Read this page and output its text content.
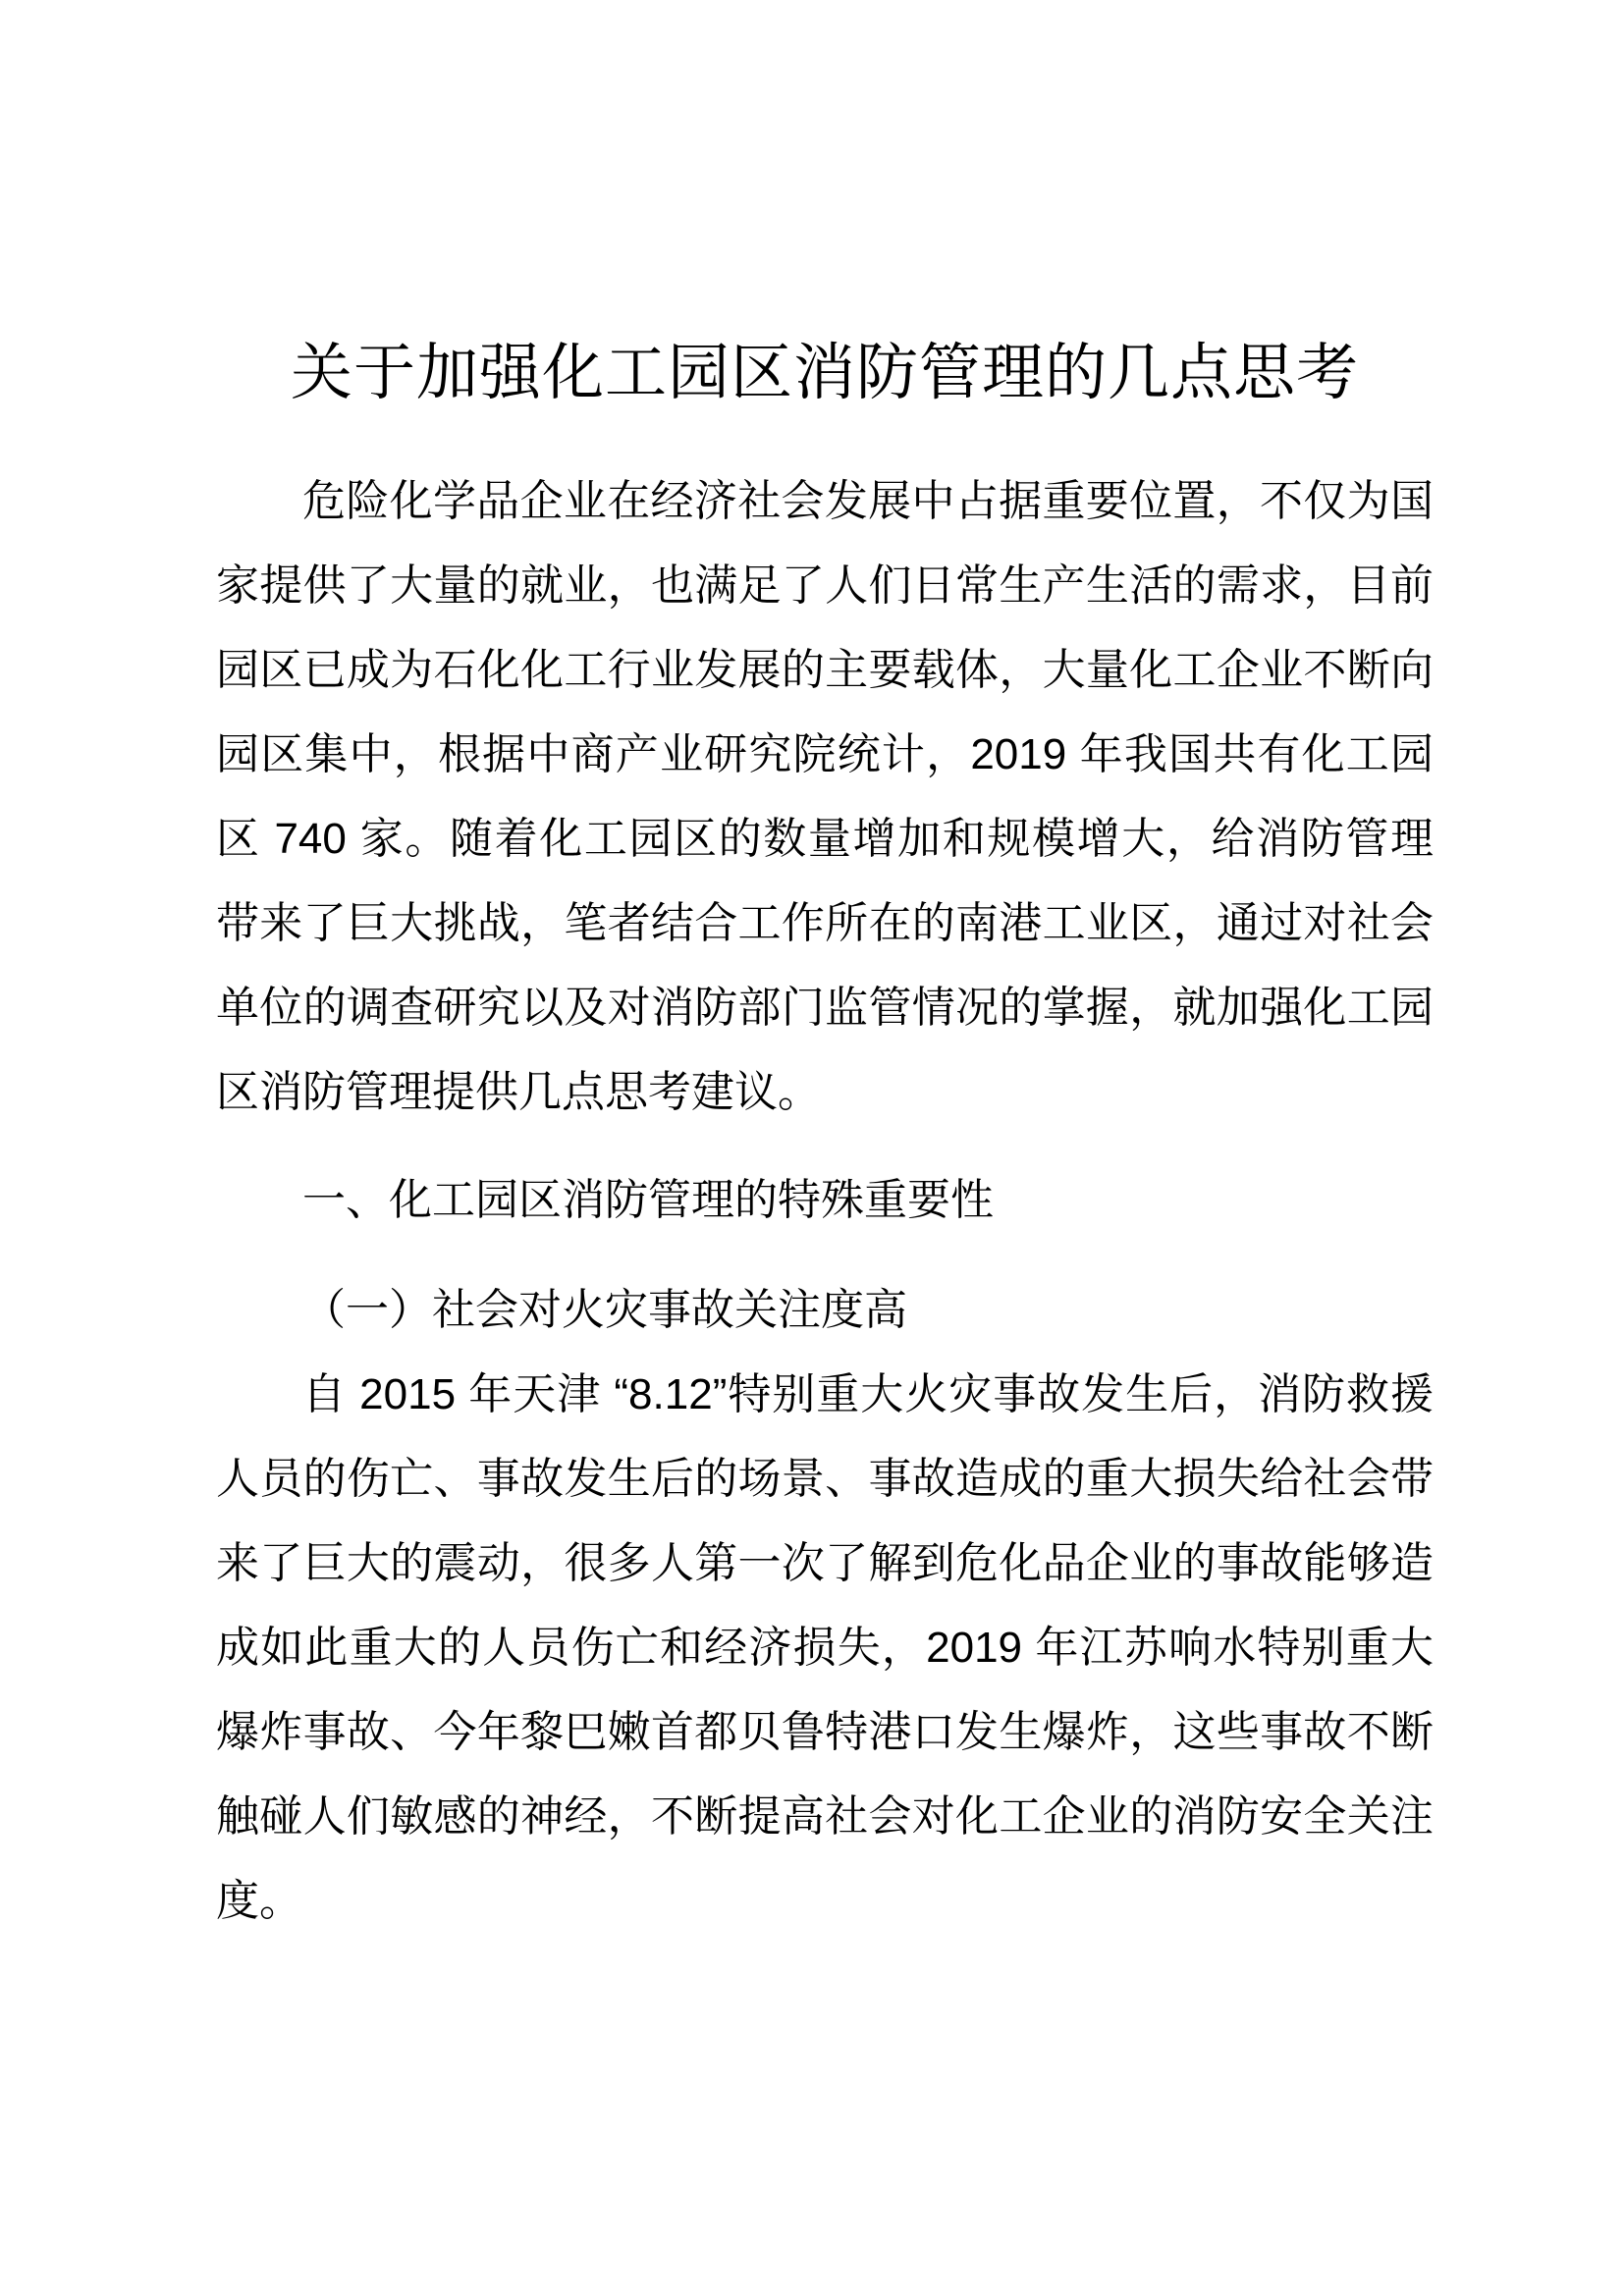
关于加强化工园区消防管理的几点思考

危险化学品企业在经济社会发展中占据重要位置，不仅为国家提供了大量的就业，也满足了人们日常生产生活的需求，目前园区已成为石化化工行业发展的主要载体，大量化工企业不断向园区集中，根据中商产业研究院统计，2019 年我国共有化工园区 740 家。随着化工园区的数量增加和规模增大，给消防管理带来了巨大挑战，笔者结合工作所在的南港工业区，通过对社会单位的调查研究以及对消防部门监管情况的掌握，就加强化工园区消防管理提供几点思考建议。

一、化工园区消防管理的特殊重要性
（一）社会对火灾事故关注度高

自 2015 年天津 “8.12”特别重大火灾事故发生后，消防救援人员的伤亡、事故发生后的场景、事故造成的重大损失给社会带来了巨大的震动，很多人第一次了解到危化品企业的事故能够造成如此重大的人员伤亡和经济损失，2019 年江苏响水特别重大爆炸事故、今年黎巴嫩首都贝鲁特港口发生爆炸，这些事故不断触碰人们敏感的神经，不断提高社会对化工企业的消防安全关注度。
